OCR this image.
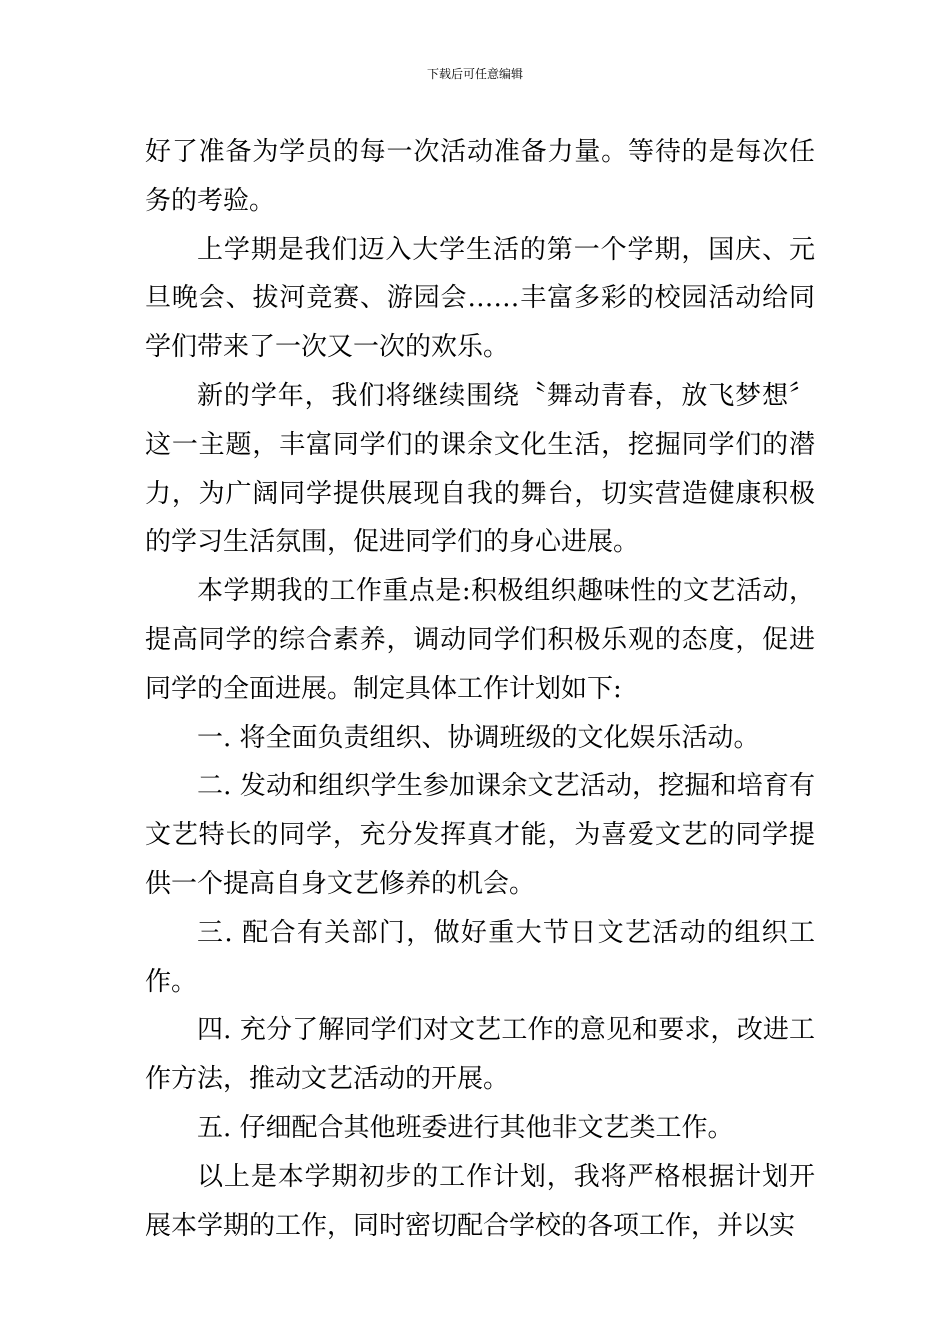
下载后可任意编辑

好了准备为学员的每一次活动准备力量。等待的是每次任务的考验。

上学期是我们迈入大学生活的第一个学期，国庆、元旦晚会、拔河竞赛、游园会……丰富多彩的校园活动给同学们带来了一次又一次的欢乐。

新的学年，我们将继续围绕〝舞动青春，放飞梦想〞这一主题，丰富同学们的课余文化生活，挖掘同学们的潜力，为广阔同学提供展现自我的舞台，切实营造健康积极的学习生活氛围，促进同学们的身心进展。

本学期我的工作重点是:积极组织趣味性的文艺活动，提高同学的综合素养，调动同学们积极乐观的态度，促进同学的全面进展。制定具体工作计划如下:

一. 将全面负责组织、协调班级的文化娱乐活动。

二. 发动和组织学生参加课余文艺活动，挖掘和培育有文艺特长的同学，充分发挥真才能，为喜爱文艺的同学提供一个提高自身文艺修养的机会。

三. 配合有关部门，做好重大节日文艺活动的组织工作。

四. 充分了解同学们对文艺工作的意见和要求，改进工作方法，推动文艺活动的开展。

五. 仔细配合其他班委进行其他非文艺类工作。

以上是本学期初步的工作计划，我将严格根据计划开展本学期的工作，同时密切配合学校的各项工作，并以实
